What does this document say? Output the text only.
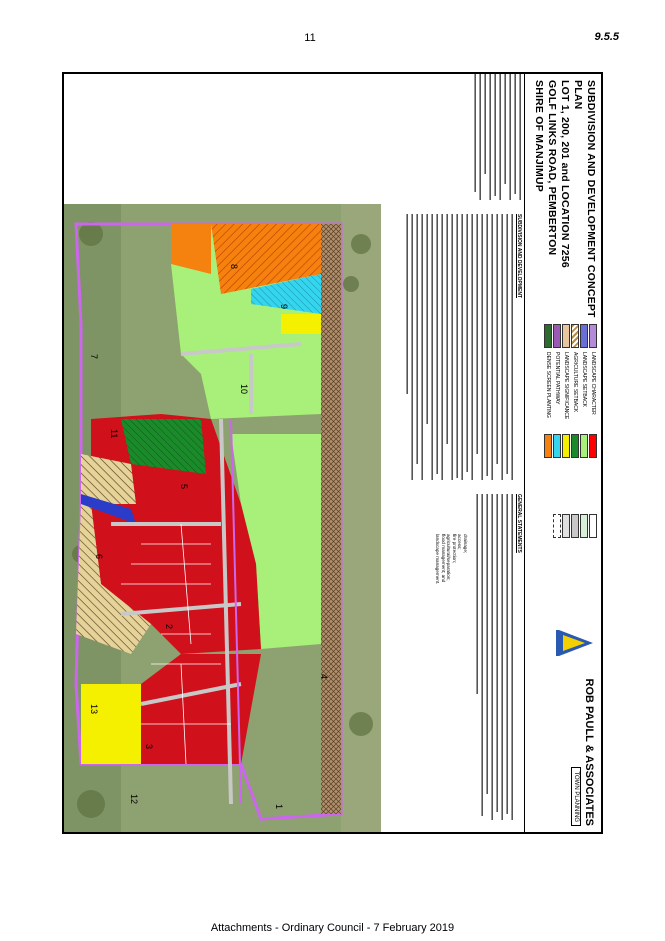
11	9.5.5
SUBDIVISION AND DEVELOPMENT CONCEPT PLAN
LOT 1, 200, 201 and LOCATION 7256
GOLF LINKS ROAD, PEMBERTON
SHIRE OF MANJIMUP
LANDSCAPE CHARACTER
LANDSCAPE SETBACK
AGRICULTURE SETBACK
LANDSCAPE SIGNIFICANCE
POTENTIAL PATHWAY
DENSE SCREEN PLANTING
ROB PAULL & ASSOCIATES
TOWN PLANNING
GENERAL STATEMENTS
drainage;
access;
fire protection;
agricultural/separation;
flood management; and
landscape management.
SUBDIVISION AND DEVELOPMENT
1
2
3
4
5
6
7
8
9
10
11
12
13
Attachments - Ordinary Council - 7 February 2019
